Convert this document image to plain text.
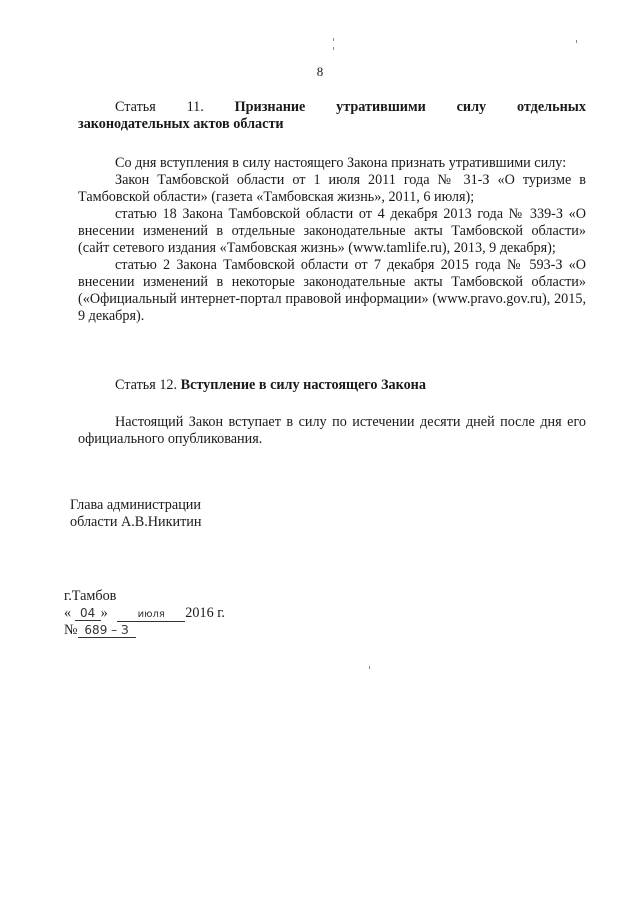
8
Статья 11. Признание утратившими силу отдельных
законодательных актов области

Со дня вступления в силу настоящего Закона признать утратившими силу:

Закон Тамбовской области от 1 июля 2011 года № 31-З «О туризме в Тамбовской области» (газета «Тамбовская жизнь», 2011, 6 июля);

статью 18 Закона Тамбовской области от 4 декабря 2013 года № 339-З «О внесении изменений в отдельные законодательные акты Тамбовской области» (сайт сетевого издания «Тамбовская жизнь» (www.tamlife.ru), 2013, 9 декабря);

статью 2 Закона Тамбовской области от 7 декабря 2015 года № 593-З «О внесении изменений в некоторые законодательные акты Тамбовской области» («Официальный интернет-портал правовой информации» (www.pravo.gov.ru), 2015, 9 декабря).

Статья 12. Вступление в силу настоящего Закона

Настоящий Закон вступает в силу по истечении десяти дней после дня его официального опубликования.

Глава администрации
области А.В.Никитин
г.Тамбов
« 04 »	июля 2016 г.
№ 689 – З
